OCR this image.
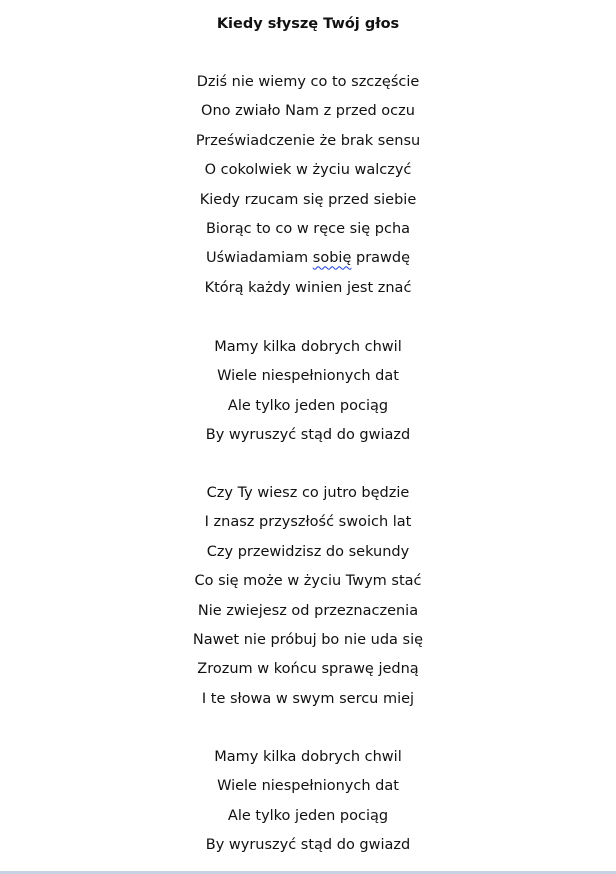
Kiedy słyszę Twój głos
Dziś nie wiemy co to szczęście
Ono zwiało Nam z przed oczu
Przeświadczenie że brak sensu
O cokolwiek w życiu walczyć
Kiedy rzucam się przed siebie
Biorąc to co w ręce się pcha
Uświadamiam sobię prawdę
Którą każdy winien jest znać
Mamy kilka dobrych chwil
Wiele niespełnionych dat
Ale tylko jeden pociąg
By wyruszyć stąd do gwiazd
Czy Ty wiesz co jutro będzie
I znasz przyszłość swoich lat
Czy przewidzisz do sekundy
Co się może w życiu Twym stać
Nie zwiejesz od przeznaczenia
Nawet nie próbuj bo nie uda się
Zrozum w końcu sprawę jedną
I te słowa w swym sercu miej
Mamy kilka dobrych chwil
Wiele niespełnionych dat
Ale tylko jeden pociąg
By wyruszyć stąd do gwiazd
